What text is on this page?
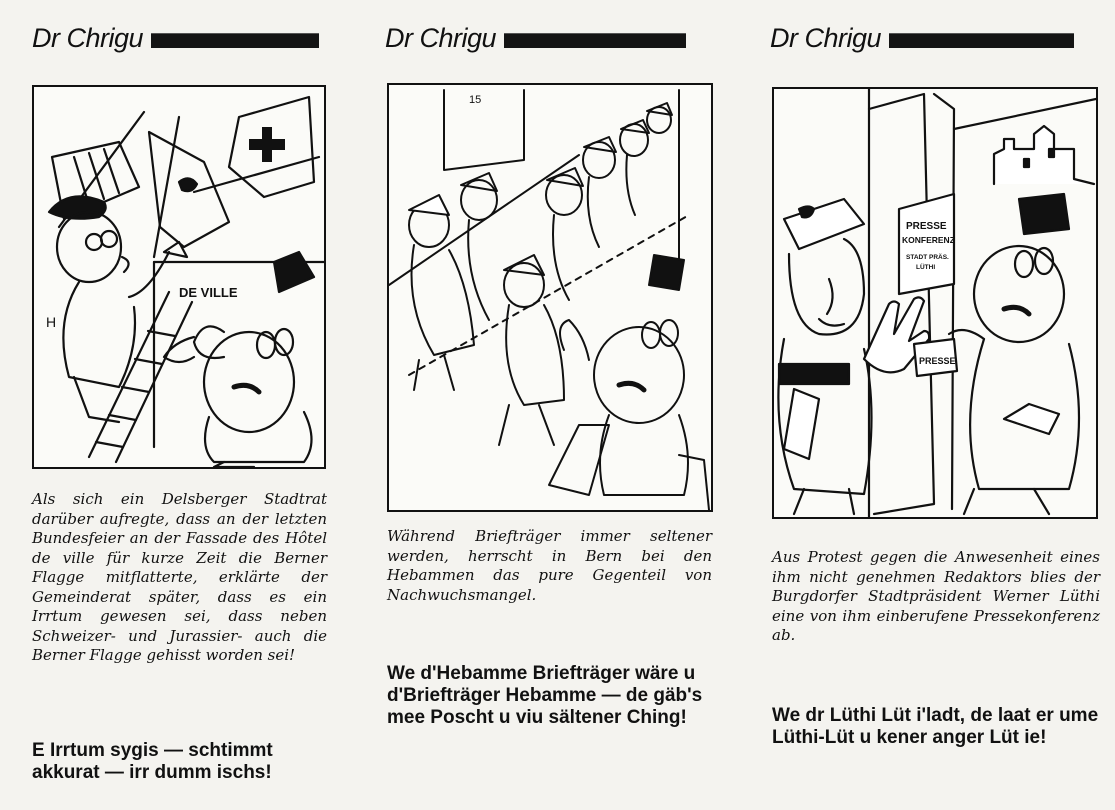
Dr Chrigu
DE VILLE
H
Als sich ein Delsberger Stadtrat darüber aufregte, dass an der letzten Bundesfeier an der Fassade des Hôtel de ville für kurze Zeit die Berner Flagge mitflatterte, erklärte der Gemeinderat später, dass es ein Irrtum gewesen sei, dass neben Schweizer- und Jurassier- auch die Berner Flagge gehisst worden sei!
E Irrtum sygis — schtimmt akkurat — irr dumm ischs!
Dr Chrigu
15
Während Briefträger immer seltener werden, herrscht in Bern bei den Hebammen das pure Gegenteil von Nachwuchsmangel.
We d'Hebamme Briefträger wäre u d'Briefträger Hebamme — de gäb's mee Poscht u viu sältener Ching!
Dr Chrigu
PRESSE
KONFERENZ
STADT PRÄS.
LÜTHI
PRESSE
Aus Protest gegen die Anwesenheit eines ihm nicht genehmen Redaktors blies der Burgdorfer Stadtpräsident Werner Lüthi eine von ihm einberufene Pressekonferenz ab.
We dr Lüthi Lüt i'ladt, de laat er ume Lüthi-Lüt u kener anger Lüt ie!
